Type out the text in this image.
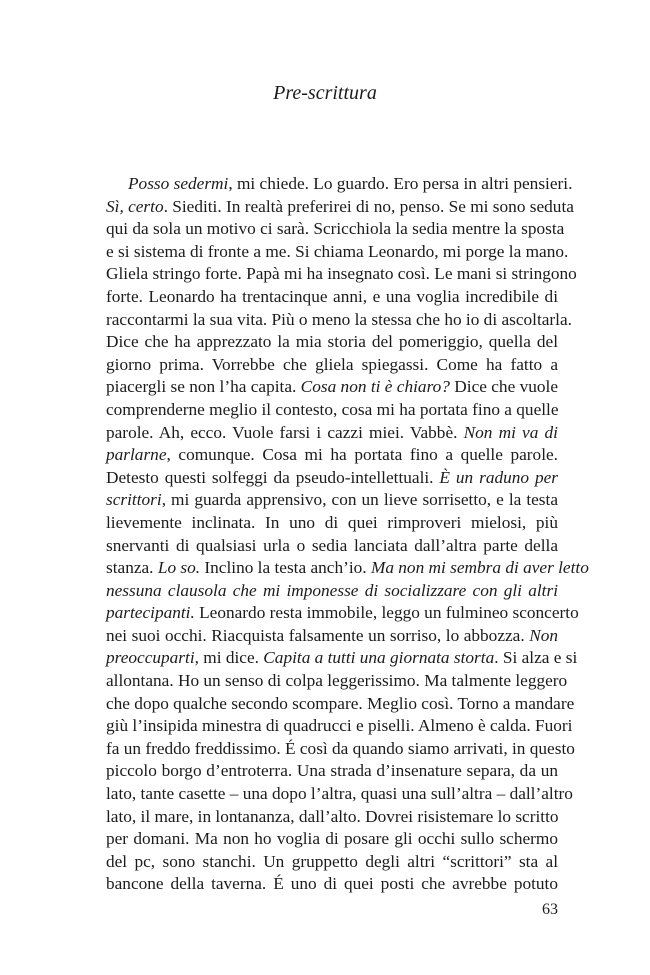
Pre-scrittura
Posso sedermi, mi chiede. Lo guardo. Ero persa in altri pensieri.
Sì, certo. Siediti. In realtà preferirei di no, penso. Se mi sono seduta
qui da sola un motivo ci sarà. Scricchiola la sedia mentre la sposta
e si sistema di fronte a me. Si chiama Leonardo, mi porge la mano.
Gliela stringo forte. Papà mi ha insegnato così. Le mani si stringono
forte. Leonardo ha trentacinque anni, e una voglia incredibile di
raccontarmi la sua vita. Più o meno la stessa che ho io di ascoltarla.
Dice che ha apprezzato la mia storia del pomeriggio, quella del
giorno prima. Vorrebbe che gliela spiegassi. Come ha fatto a
piacergli se non l’ha capita. Cosa non ti è chiaro? Dice che vuole
comprenderne meglio il contesto, cosa mi ha portata fino a quelle
parole. Ah, ecco. Vuole farsi i cazzi miei. Vabbè. Non mi va di
parlarne, comunque. Cosa mi ha portata fino a quelle parole.
Detesto questi solfeggi da pseudo-intellettuali. È un raduno per
scrittori, mi guarda apprensivo, con un lieve sorrisetto, e la testa
lievemente inclinata. In uno di quei rimproveri mielosi, più
snervanti di qualsiasi urla o sedia lanciata dall’altra parte della
stanza. Lo so. Inclino la testa anch’io. Ma non mi sembra di aver letto
nessuna clausola che mi imponesse di socializzare con gli altri
partecipanti. Leonardo resta immobile, leggo un fulmineo sconcerto
nei suoi occhi. Riacquista falsamente un sorriso, lo abbozza. Non
preoccuparti, mi dice. Capita a tutti una giornata storta. Si alza e si
allontana. Ho un senso di colpa leggerissimo. Ma talmente leggero
che dopo qualche secondo scompare. Meglio così. Torno a mandare
giù l’insipida minestra di quadrucci e piselli. Almeno è calda. Fuori
fa un freddo freddissimo. É così da quando siamo arrivati, in questo
piccolo borgo d’entroterra. Una strada d’insenature separa, da un
lato, tante casette – una dopo l’altra, quasi una sull’altra – dall’altro
lato, il mare, in lontananza, dall’alto. Dovrei risistemare lo scritto
per domani. Ma non ho voglia di posare gli occhi sullo schermo
del pc, sono stanchi. Un gruppetto degli altri “scrittori” sta al
bancone della taverna. É uno di quei posti che avrebbe potuto
63
